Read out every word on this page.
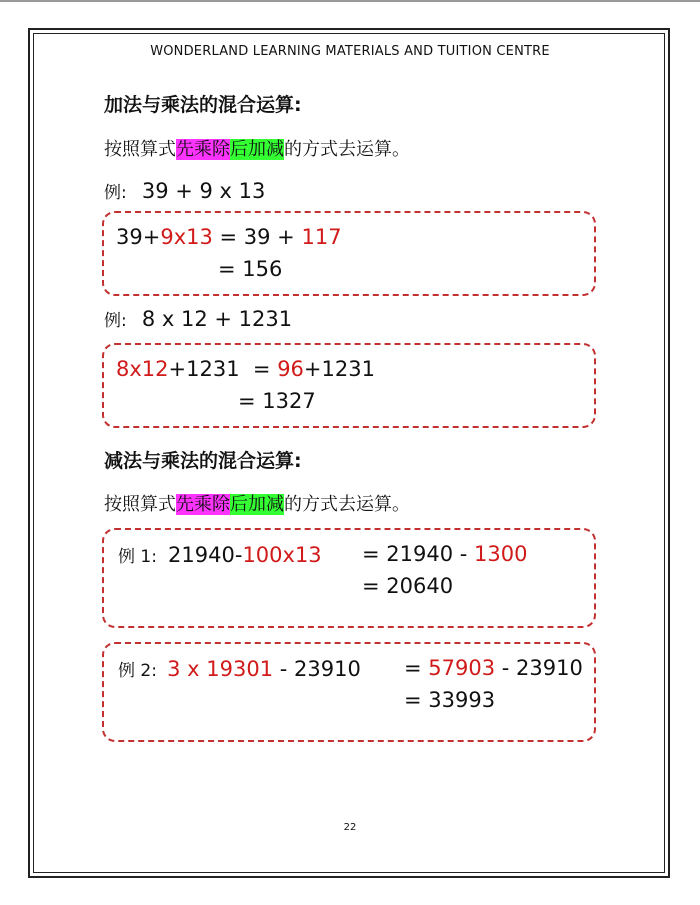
WONDERLAND LEARNING MATERIALS AND TUITION CENTRE
加法与乘法的混合运算:
按照算式先乘除后加减的方式去运算。
例: 39 + 9 x 13
39+9x13 = 39 + 117
= 156
例: 8 x 12 + 1231
8x12+1231  = 96+1231
= 1327
减法与乘法的混合运算:
按照算式先乘除后加减的方式去运算。
例 1: 21940-100x13 = 21940 - 1300
= 20640
例 2: 3 x 19301 - 23910 = 57903 - 23910
= 33993
22
